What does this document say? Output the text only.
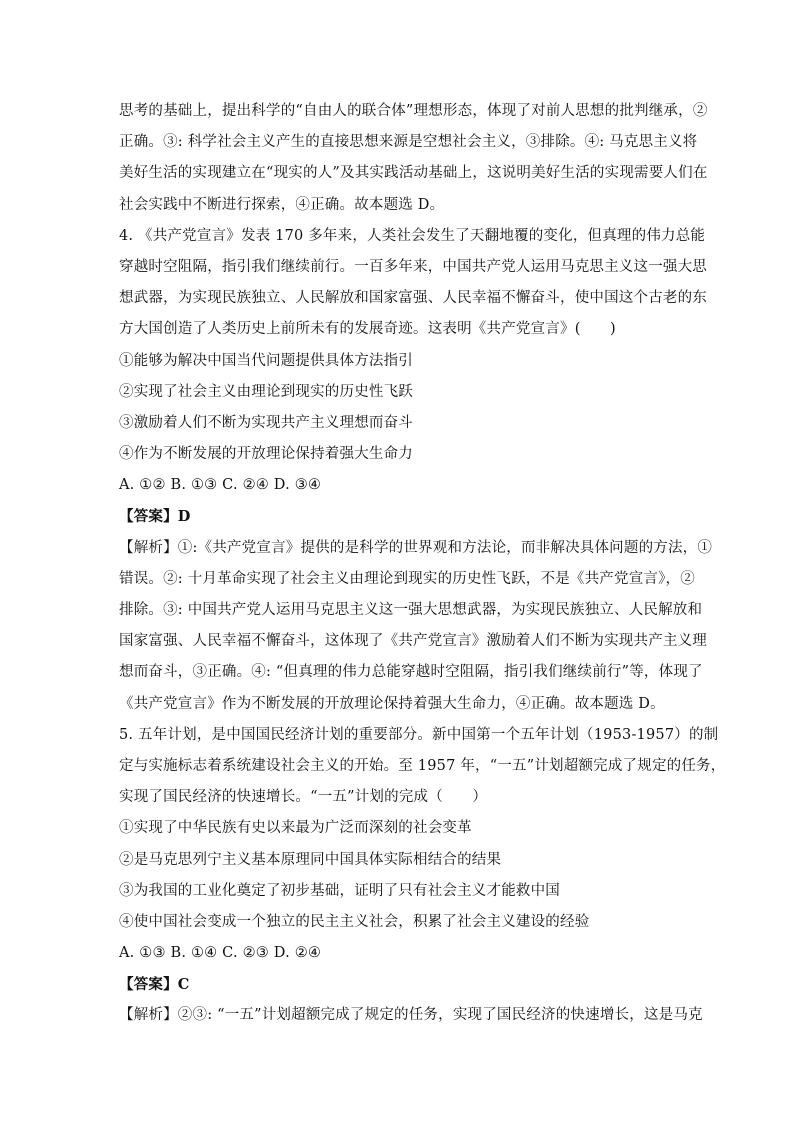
思考的基础上，提出科学的“自由人的联合体”理想形态，体现了对前人思想的批判继承，②
正确。③: 科学社会主义产生的直接思想来源是空想社会主义，③排除。④: 马克思主义将
美好生活的实现建立在“现实的人”及其实践活动基础上，这说明美好生活的实现需要人们在
社会实践中不断进行探索，④正确。故本题选 D。
4. 《共产党宣言》发表 170 多年来，人类社会发生了天翻地覆的变化，但真理的伟力总能
穿越时空阻隔，指引我们继续前行。一百多年来，中国共产党人运用马克思主义这一强大思
想武器，为实现民族独立、人民解放和国家富强、人民幸福不懈奋斗，使中国这个古老的东
方大国创造了人类历史上前所未有的发展奇迹。这表明《共产党宣言》(　　)
①能够为解决中国当代问题提供具体方法指引
②实现了社会主义由理论到现实的历史性飞跃
③激励着人们不断为实现共产主义理想而奋斗
④作为不断发展的开放理论保持着强大生命力
A. ①② B. ①③ C. ②④ D. ③④
【答案】D
【解析】①:《共产党宣言》提供的是科学的世界观和方法论，而非解决具体问题的方法，①
错误。②: 十月革命实现了社会主义由理论到现实的历史性飞跃，不是《共产党宣言》，②
排除。③: 中国共产党人运用马克思主义这一强大思想武器，为实现民族独立、人民解放和
国家富强、人民幸福不懈奋斗，这体现了《共产党宣言》激励着人们不断为实现共产主义理
想而奋斗，③正确。④: “但真理的伟力总能穿越时空阻隔，指引我们继续前行”等，体现了
《共产党宣言》作为不断发展的开放理论保持着强大生命力，④正确。故本题选 D。
5. 五年计划，是中国国民经济计划的重要部分。新中国第一个五年计划（1953-1957）的制
定与实施标志着系统建设社会主义的开始。至 1957 年，“一五”计划超额完成了规定的任务，
实现了国民经济的快速增长。“一五”计划的完成（　　）
①实现了中华民族有史以来最为广泛而深刻的社会变革
②是马克思列宁主义基本原理同中国具体实际相结合的结果
③为我国的工业化奠定了初步基础，证明了只有社会主义才能救中国
④使中国社会变成一个独立的民主主义社会，积累了社会主义建设的经验
A. ①③ B. ①④ C. ②③ D. ②④
【答案】C
【解析】②③: “一五”计划超额完成了规定的任务，实现了国民经济的快速增长，这是马克
